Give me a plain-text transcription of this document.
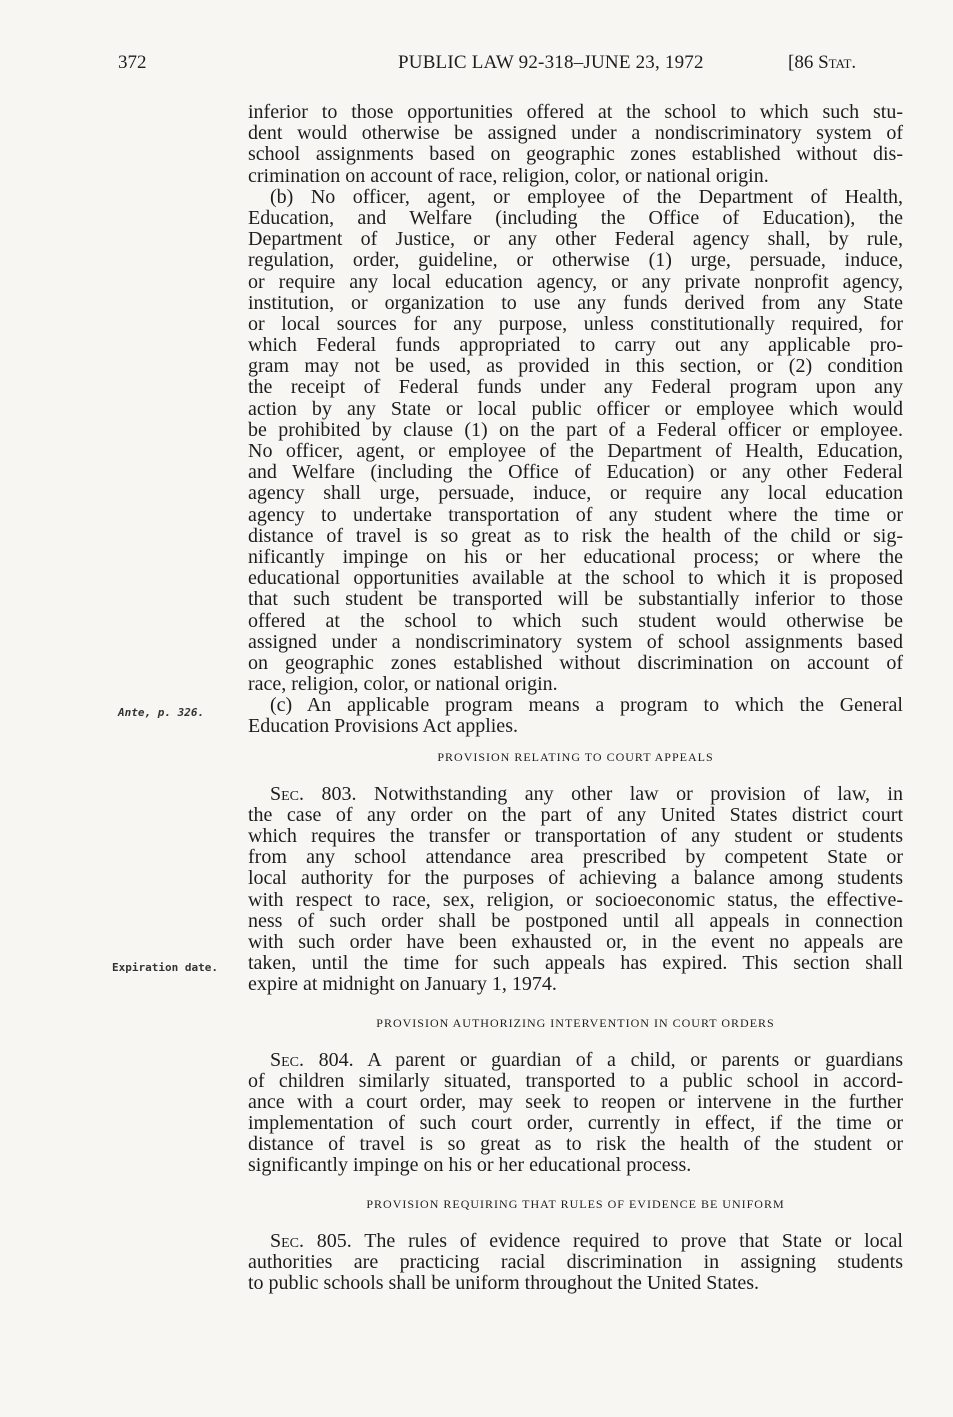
372	PUBLIC LAW 92-318–JUNE 23, 1972	[86 Stat.
Ante, p. 326.
Expiration date.
inferior to those opportunities offered at the school to which such stu-
dent would otherwise be assigned under a nondiscriminatory system of
school assignments based on geographic zones established without dis-
crimination on account of race, religion, color, or national origin.
(b) No officer, agent, or employee of the Department of Health,
Education, and Welfare (including the Office of Education), the
Department of Justice, or any other Federal agency shall, by rule,
regulation, order, guideline, or otherwise (1) urge, persuade, induce,
or require any local education agency, or any private nonprofit agency,
institution, or organization to use any funds derived from any State
or local sources for any purpose, unless constitutionally required, for
which Federal funds appropriated to carry out any applicable pro-
gram may not be used, as provided in this section, or (2) condition
the receipt of Federal funds under any Federal program upon any
action by any State or local public officer or employee which would
be prohibited by clause (1) on the part of a Federal officer or employee.
No officer, agent, or employee of the Department of Health, Education,
and Welfare (including the Office of Education) or any other Federal
agency shall urge, persuade, induce, or require any local education
agency to undertake transportation of any student where the time or
distance of travel is so great as to risk the health of the child or sig-
nificantly impinge on his or her educational process; or where the
educational opportunities available at the school to which it is proposed
that such student be transported will be substantially inferior to those
offered at the school to which such student would otherwise be
assigned under a nondiscriminatory system of school assignments based
on geographic zones established without discrimination on account of
race, religion, color, or national origin.
(c) An applicable program means a program to which the General
Education Provisions Act applies.
PROVISION RELATING TO COURT APPEALS
Sec. 803. Notwithstanding any other law or provision of law, in
the case of any order on the part of any United States district court
which requires the transfer or transportation of any student or students
from any school attendance area prescribed by competent State or
local authority for the purposes of achieving a balance among students
with respect to race, sex, religion, or socioeconomic status, the effective-
ness of such order shall be postponed until all appeals in connection
with such order have been exhausted or, in the event no appeals are
taken, until the time for such appeals has expired. This section shall
expire at midnight on January 1, 1974.
PROVISION AUTHORIZING INTERVENTION IN COURT ORDERS
Sec. 804. A parent or guardian of a child, or parents or guardians
of children similarly situated, transported to a public school in accord-
ance with a court order, may seek to reopen or intervene in the further
implementation of such court order, currently in effect, if the time or
distance of travel is so great as to risk the health of the student or
significantly impinge on his or her educational process.
PROVISION REQUIRING THAT RULES OF EVIDENCE BE UNIFORM
Sec. 805. The rules of evidence required to prove that State or local
authorities are practicing racial discrimination in assigning students
to public schools shall be uniform throughout the United States.
